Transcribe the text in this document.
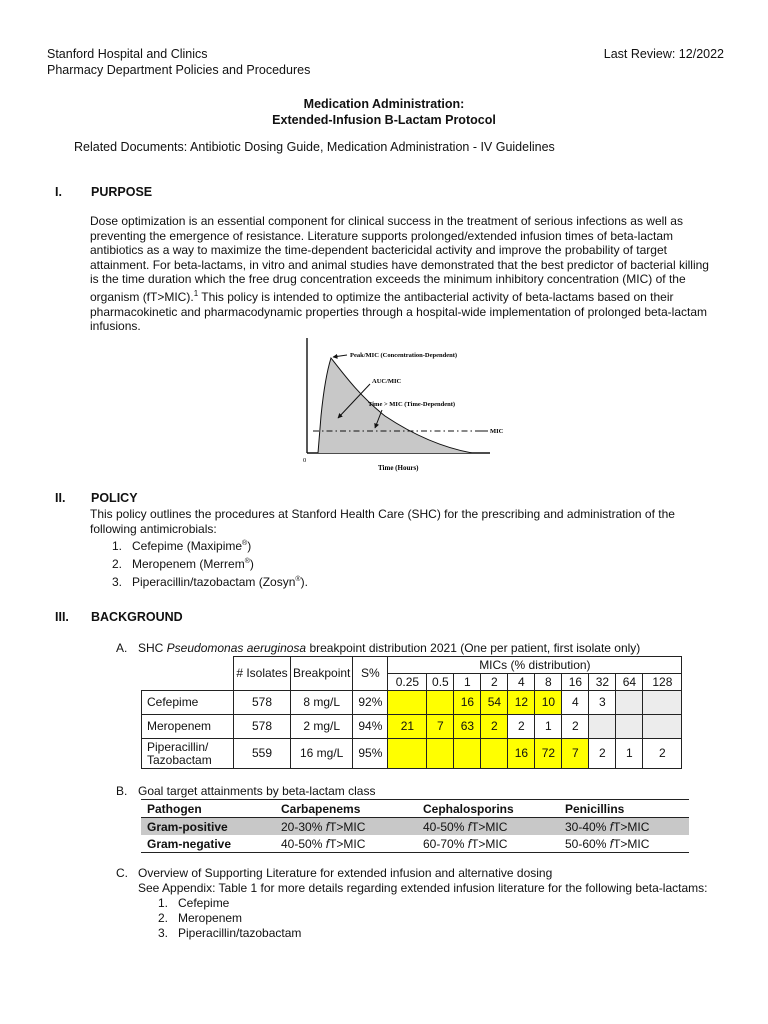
Stanford Hospital and Clinics
Pharmacy Department Policies and Procedures
Last Review: 12/2022
Medication Administration:
Extended-Infusion B-Lactam Protocol
Related Documents: Antibiotic Dosing Guide, Medication Administration - IV Guidelines
I. PURPOSE

Dose optimization is an essential component for clinical success in the treatment of serious infections as well as preventing the emergence of resistance. Literature supports prolonged/extended infusion times of beta-lactam antibiotics as a way to maximize the time-dependent bactericidal activity and improve the probability of target attainment. For beta-lactams, in vitro and animal studies have demonstrated that the best predictor of bacterial killing is the time duration which the free drug concentration exceeds the minimum inhibitory concentration (MIC) of the organism (fT>MIC).$^1$ This policy is intended to optimize the antibacterial activity of beta-lactams based on their pharmacokinetic and pharmacodynamic properties through a hospital-wide implementation of prolonged beta-lactam infusions.

Peak/MIC (Concentration-Dependent)
AUC/MIC
Time > MIC (Time-Dependent)
MIC
0
Time (Hours)
II. POLICY

This policy outlines the procedures at Stanford Health Care (SHC) for the prescribing and administration of the following antimicrobials:

1. Cefepime (Maxipime®)
2. Meropenem (Merrem®)
3. Piperacillin/tazobactam (Zosyn®).
III. BACKGROUND
A. SHC Pseudomonas aeruginosa breakpoint distribution 2021 (One per patient, first isolate only)
	# Isolates	Breakpoint	S%	MICs (% distribution)									
				0.25	0.5	1	2	4	8	16	32	64	128
Cefepime	578	8 mg/L	92%			16	54	12	10	4	3		
Meropenem	578	2 mg/L	94%	21	7	63	2	2	1	2			
Piperacillin/ Tazobactam	559	16 mg/L	95%					16	72	7	2	1	2
B. Goal target attainments by beta-lactam class
Pathogen	Carbapenems	Cephalosporins	Penicillins
Gram-positive	20-30% fT>MIC	40-50% fT>MIC	30-40% fT>MIC
Gram-negative	40-50% fT>MIC	60-70% fT>MIC	50-60% fT>MIC
C. Overview of Supporting Literature for extended infusion and alternative dosing
See Appendix: Table 1 for more details regarding extended infusion literature for the following beta-lactams:
1. Cefepime
2. Meropenem
3. Piperacillin/tazobactam
